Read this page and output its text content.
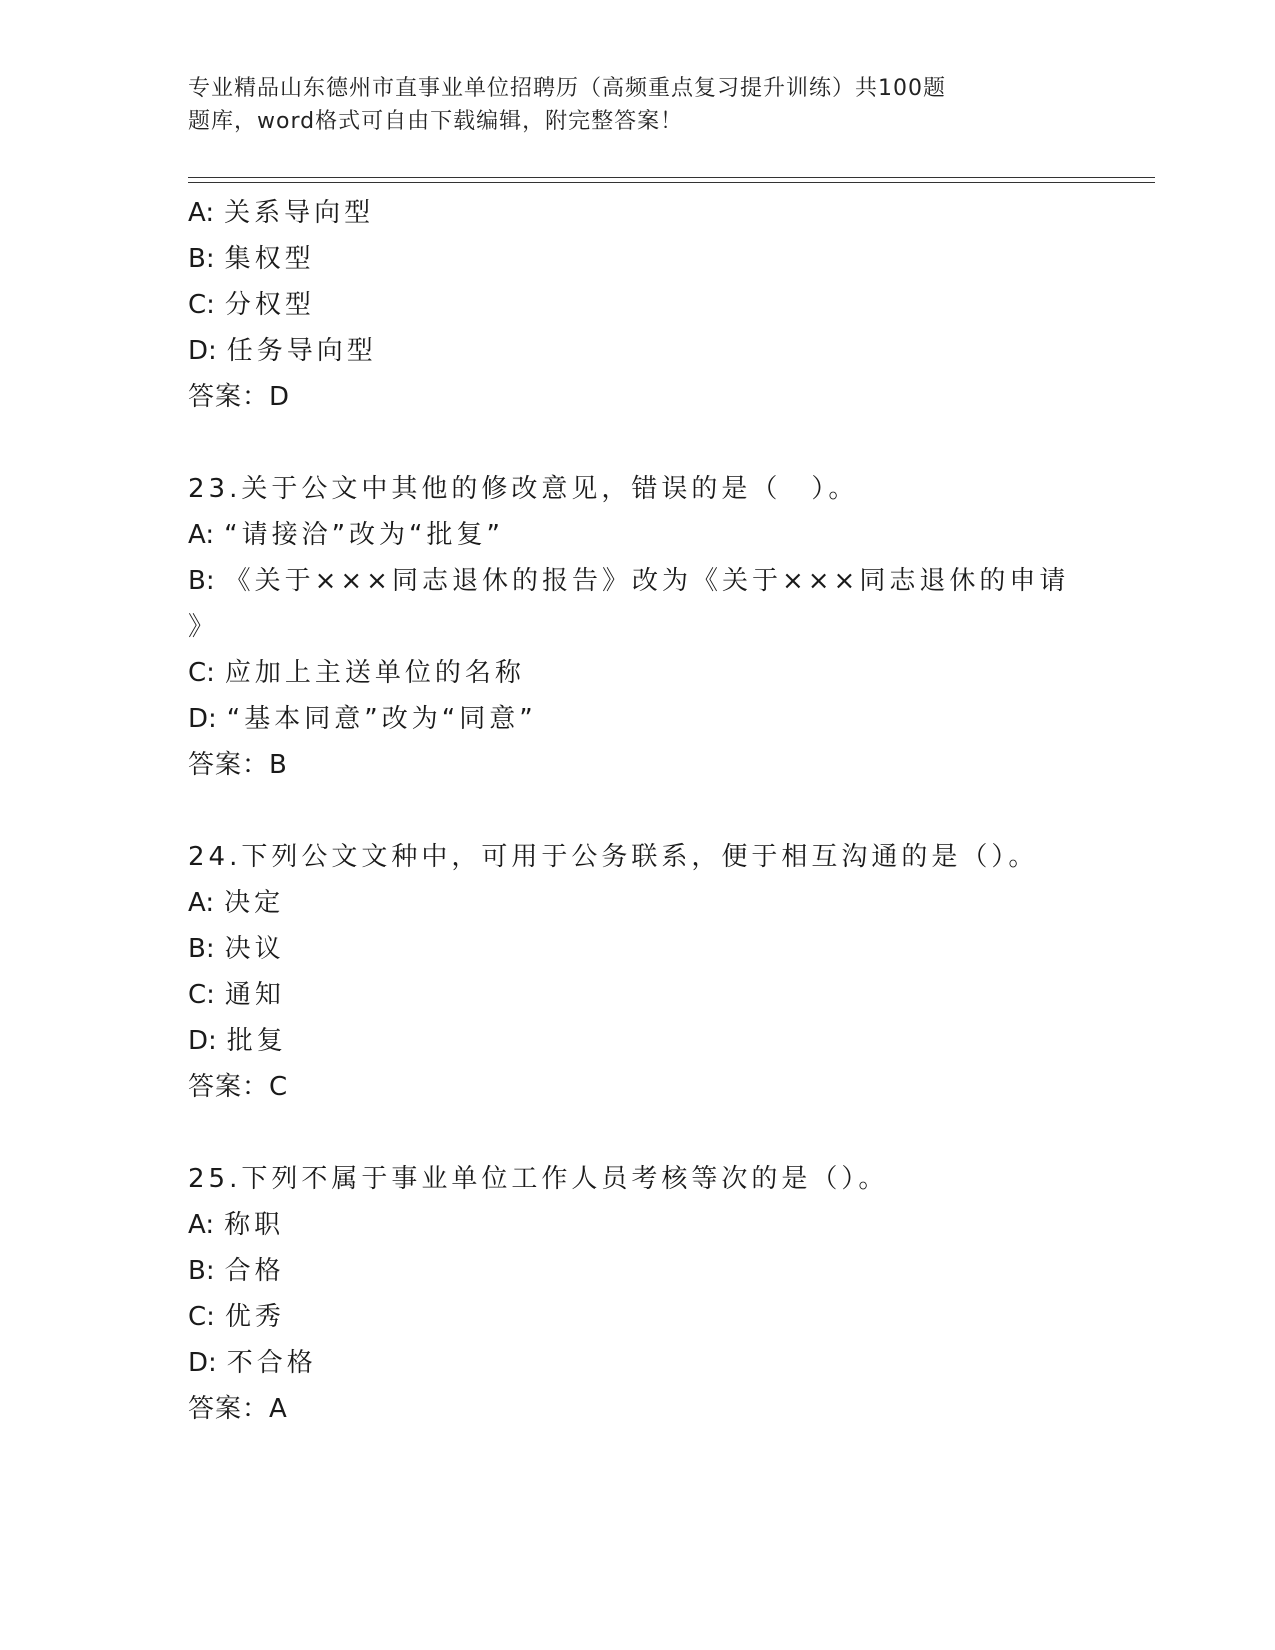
专业精品山东德州市直事业单位招聘历（高频重点复习提升训练）共100题
题库，word格式可自由下载编辑，附完整答案！
A: 关系导向型
B: 集权型
C: 分权型
D: 任务导向型
答案：D
23.关于公文中其他的修改意见，错误的是（　）。
A: “请接洽”改为“批复”
B: 《关于×××同志退休的报告》改为《关于×××同志退休的申请
》
C: 应加上主送单位的名称
D: “基本同意”改为“同意”
答案：B
24.下列公文文种中，可用于公务联系，便于相互沟通的是（）。
A: 决定
B: 决议
C: 通知
D: 批复
答案：C
25.下列不属于事业单位工作人员考核等次的是（）。
A: 称职
B: 合格
C: 优秀
D: 不合格
答案：A
